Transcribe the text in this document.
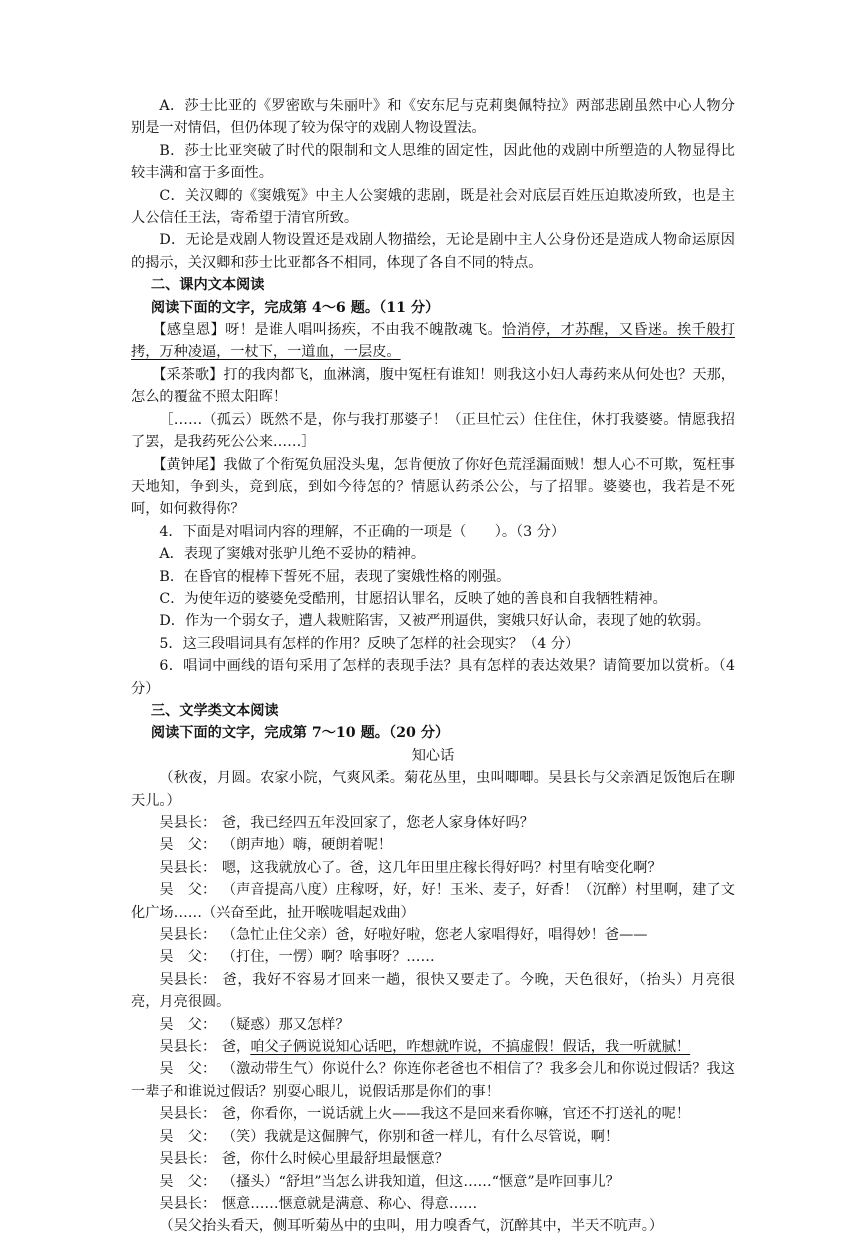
A．莎士比亚的《罗密欧与朱丽叶》和《安东尼与克莉奥佩特拉》两部悲剧虽然中心人物分别是一对情侣，但仍体现了较为保守的戏剧人物设置法。

B．莎士比亚突破了时代的限制和文人思维的固定性，因此他的戏剧中所塑造的人物显得比较丰满和富于多面性。

C．关汉卿的《窦娥冤》中主人公窦娥的悲剧，既是社会对底层百姓压迫欺凌所致，也是主人公信任王法，寄希望于清官所致。

D．无论是戏剧人物设置还是戏剧人物描绘，无论是剧中主人公身份还是造成人物命运原因的揭示，关汉卿和莎士比亚都各不相同，体现了各自不同的特点。

二、课内文本阅读

阅读下面的文字，完成第 4～6 题。（11 分）

【感皇恩】呀！是谁人唱叫扬疾，不由我不魄散魂飞。恰消停，才苏醒，又昏迷。挨千般打拷，万种凌逼，一杖下，一道血，一层皮。

【采茶歌】打的我肉都飞，血淋漓，腹中冤枉有谁知！则我这小妇人毒药来从何处也？天那，怎么的覆盆不照太阳晖！

［……（孤云）既然不是，你与我打那婆子！（正旦忙云）住住住，休打我婆婆。情愿我招了罢，是我药死公公来……］

【黄钟尾】我做了个衔冤负屈没头鬼，怎肯便放了你好色荒淫漏面贼！想人心不可欺，冤枉事天地知，争到头，竞到底，到如今待怎的？情愿认药杀公公，与了招罪。婆婆也，我若是不死呵，如何救得你？

4．下面是对唱词内容的理解，不正确的一项是（　　）。（3 分）

A．表现了窦娥对张驴儿绝不妥协的精神。

B．在昏官的棍棒下誓死不屈，表现了窦娥性格的刚强。

C．为使年迈的婆婆免受酷刑，甘愿招认罪名，反映了她的善良和自我牺牲精神。

D．作为一个弱女子，遭人栽赃陷害，又被严刑逼供，窦娥只好认命，表现了她的软弱。

5．这三段唱词具有怎样的作用？反映了怎样的社会现实？（4 分）

6．唱词中画线的语句采用了怎样的表现手法？具有怎样的表达效果？请简要加以赏析。（4 分）

三、文学类文本阅读

阅读下面的文字，完成第 7～10 题。（20 分）

知心话

（秋夜，月圆。农家小院，气爽风柔。菊花丛里，虫叫唧唧。吴县长与父亲酒足饭饱后在聊天儿。）

吴县长： 爸，我已经四五年没回家了，您老人家身体好吗？

吴　父： （朗声地）嗨，硬朗着呢！

吴县长： 嗯，这我就放心了。爸，这几年田里庄稼长得好吗？村里有啥变化啊？

吴　父： （声音提高八度）庄稼呀，好，好！玉米、麦子，好香！（沉醉）村里啊，建了文化广场……（兴奋至此，扯开喉咙唱起戏曲）

吴县长： （急忙止住父亲）爸，好啦好啦，您老人家唱得好，唱得妙！爸——

吴　父： （打住，一愣）啊？啥事呀？……

吴县长： 爸，我好不容易才回来一趟，很快又要走了。今晚，天色很好，（抬头）月亮很亮，月亮很圆。

吴　父： （疑惑）那又怎样？

吴县长： 爸，咱父子俩说说知心话吧，咋想就咋说，不搞虚假！假话，我一听就腻！

吴　父： （激动带生气）你说什么？你连你老爸也不相信了？我多会儿和你说过假话？我这一辈子和谁说过假话？别耍心眼儿，说假话那是你们的事！

吴县长： 爸，你看你，一说话就上火——我这不是回来看你嘛，官还不打送礼的呢！

吴　父： （笑）我就是这倔脾气，你别和爸一样儿，有什么尽管说，啊！

吴县长： 爸，你什么时候心里最舒坦最惬意？

吴　父： （搔头）“舒坦”当怎么讲我知道，但这……“惬意”是咋回事儿？

吴县长： 惬意……惬意就是满意、称心、得意……

（吴父抬头看天，侧耳听菊丛中的虫叫，用力嗅香气，沉醉其中，半天不吭声。）
